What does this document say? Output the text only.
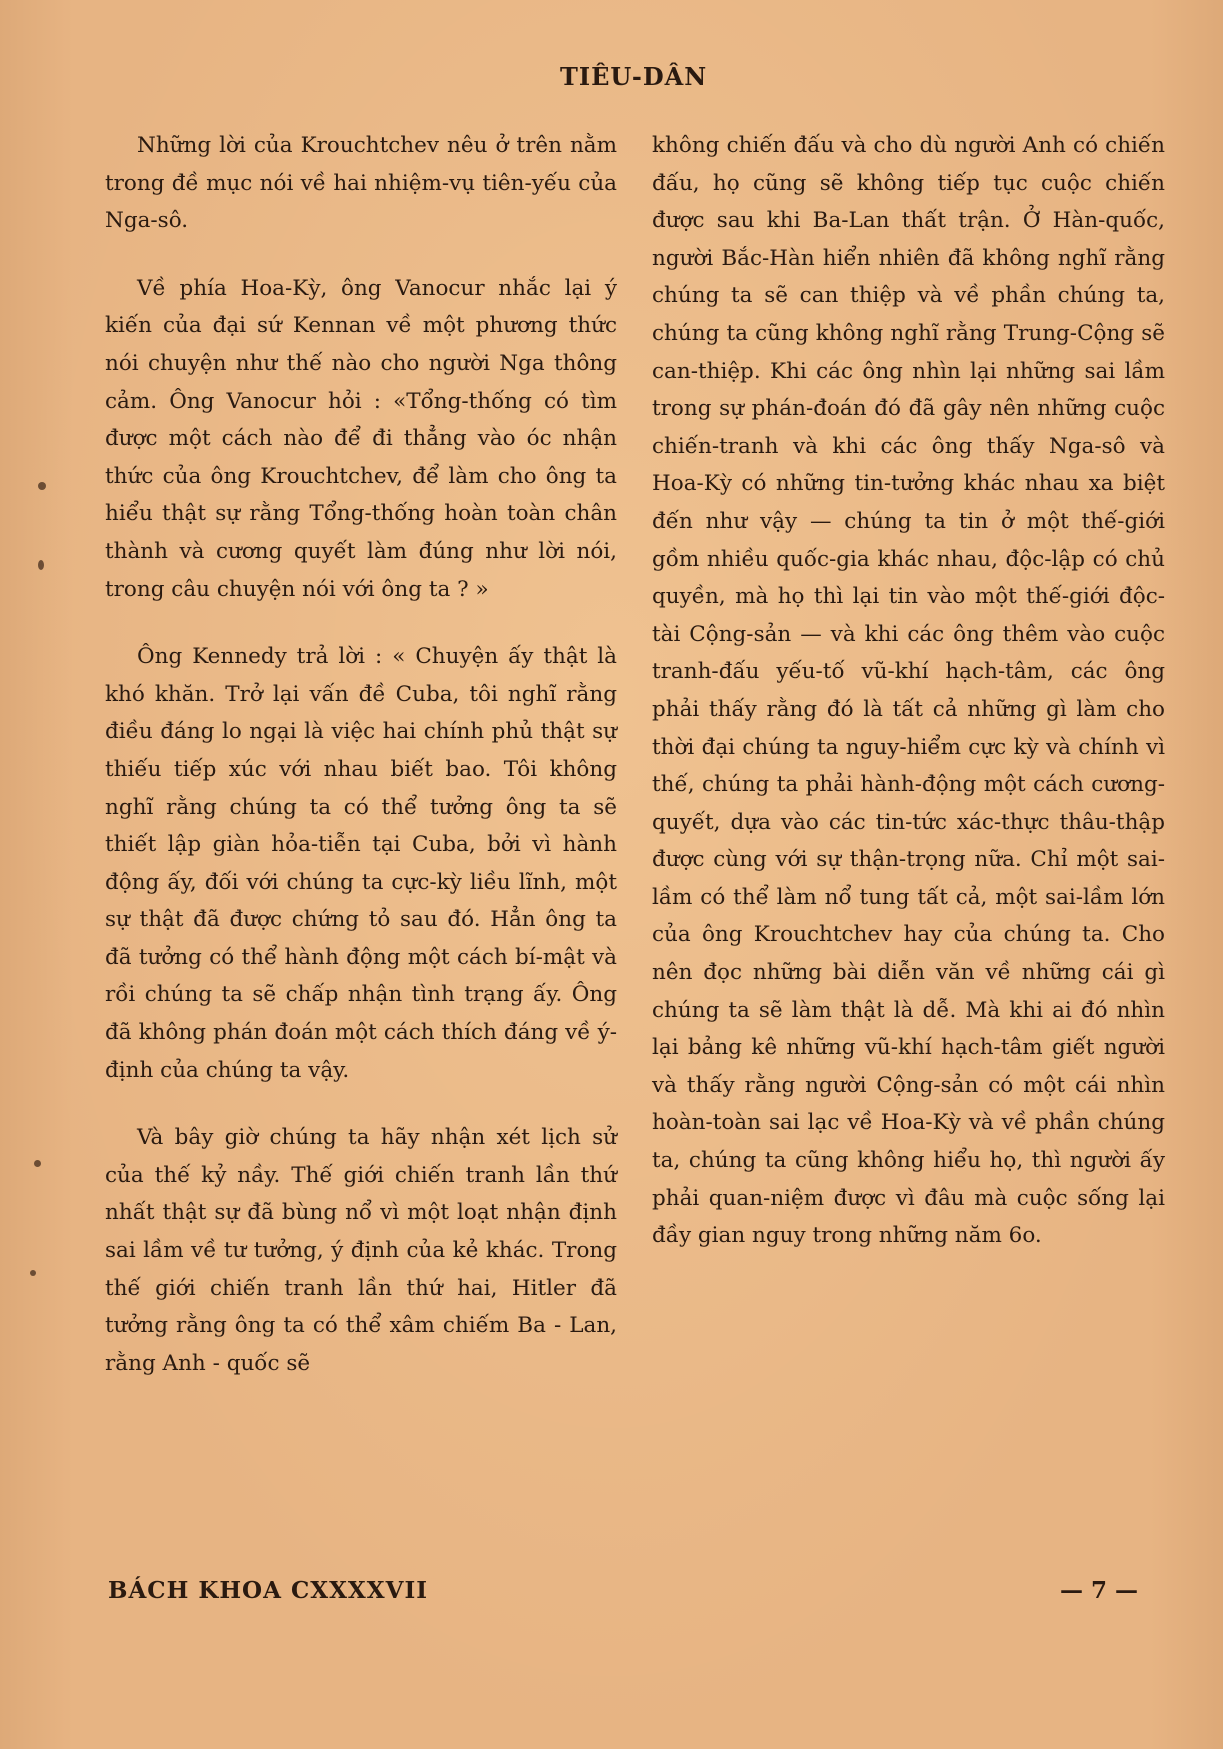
TIÊU-DÂN

Những lời của Krouchtchev nêu ở trên nằm trong đề mục nói về hai nhiệm-vụ tiên-yếu của Nga-sô.

Về phía Hoa-Kỳ, ông Vanocur nhắc lại ý kiến của đại sứ Kennan về một phương thức nói chuyện như thế nào cho người Nga thông cảm. Ông Vanocur hỏi : «Tổng-thống có tìm được một cách nào để đi thẳng vào óc nhận thức của ông Krouchtchev, để làm cho ông ta hiểu thật sự rằng Tổng-thống hoàn toàn chân thành và cương quyết làm đúng như lời nói, trong câu chuyện nói với ông ta ? »

Ông Kennedy trả lời : « Chuyện ấy thật là khó khăn. Trở lại vấn đề Cuba, tôi nghĩ rằng điều đáng lo ngại là việc hai chính phủ thật sự thiếu tiếp xúc với nhau biết bao. Tôi không nghĩ rằng chúng ta có thể tưởng ông ta sẽ thiết lập giàn hỏa-tiễn tại Cuba, bởi vì hành động ấy, đối với chúng ta cực-kỳ liều lĩnh, một sự thật đã được chứng tỏ sau đó. Hẳn ông ta đã tưởng có thể hành động một cách bí-mật và rồi chúng ta sẽ chấp nhận tình trạng ấy. Ông đã không phán đoán một cách thích đáng về ý-định của chúng ta vậy.

Và bây giờ chúng ta hãy nhận xét lịch sử của thế kỷ nầy. Thế giới chiến tranh lần thứ nhất thật sự đã bùng nổ vì một loạt nhận định sai lầm về tư tưởng, ý định của kẻ khác. Trong thế giới chiến tranh lần thứ hai, Hitler đã tưởng rằng ông ta có thể xâm chiếm Ba - Lan, rằng Anh - quốc sẽ

không chiến đấu và cho dù người Anh có chiến đấu, họ cũng sẽ không tiếp tục cuộc chiến được sau khi Ba-Lan thất trận. Ở Hàn-quốc, người Bắc-Hàn hiển nhiên đã không nghĩ rằng chúng ta sẽ can thiệp và về phần chúng ta, chúng ta cũng không nghĩ rằng Trung-Cộng sẽ can-thiệp. Khi các ông nhìn lại những sai lầm trong sự phán-đoán đó đã gây nên những cuộc chiến-tranh và khi các ông thấy Nga-sô và Hoa-Kỳ có những tin-tưởng khác nhau xa biệt đến như vậy — chúng ta tin ở một thế-giới gồm nhiều quốc-gia khác nhau, độc-lập có chủ quyền, mà họ thì lại tin vào một thế-giới độc-tài Cộng-sản — và khi các ông thêm vào cuộc tranh-đấu yếu-tố vũ-khí hạch-tâm, các ông phải thấy rằng đó là tất cả những gì làm cho thời đại chúng ta nguy-hiểm cực kỳ và chính vì thế, chúng ta phải hành-động một cách cương-quyết, dựa vào các tin-tức xác-thực thâu-thập được cùng với sự thận-trọng nữa. Chỉ một sai-lầm có thể làm nổ tung tất cả, một sai-lầm lớn của ông Krouchtchev hay của chúng ta. Cho nên đọc những bài diễn văn về những cái gì chúng ta sẽ làm thật là dễ. Mà khi ai đó nhìn lại bảng kê những vũ-khí hạch-tâm giết người và thấy rằng người Cộng-sản có một cái nhìn hoàn-toàn sai lạc về Hoa-Kỳ và về phần chúng ta, chúng ta cũng không hiểu họ, thì người ấy phải quan-niệm được vì đâu mà cuộc sống lại đầy gian nguy trong những năm 6o.

BÁCH KHOA CXXXXVII	— 7 —
